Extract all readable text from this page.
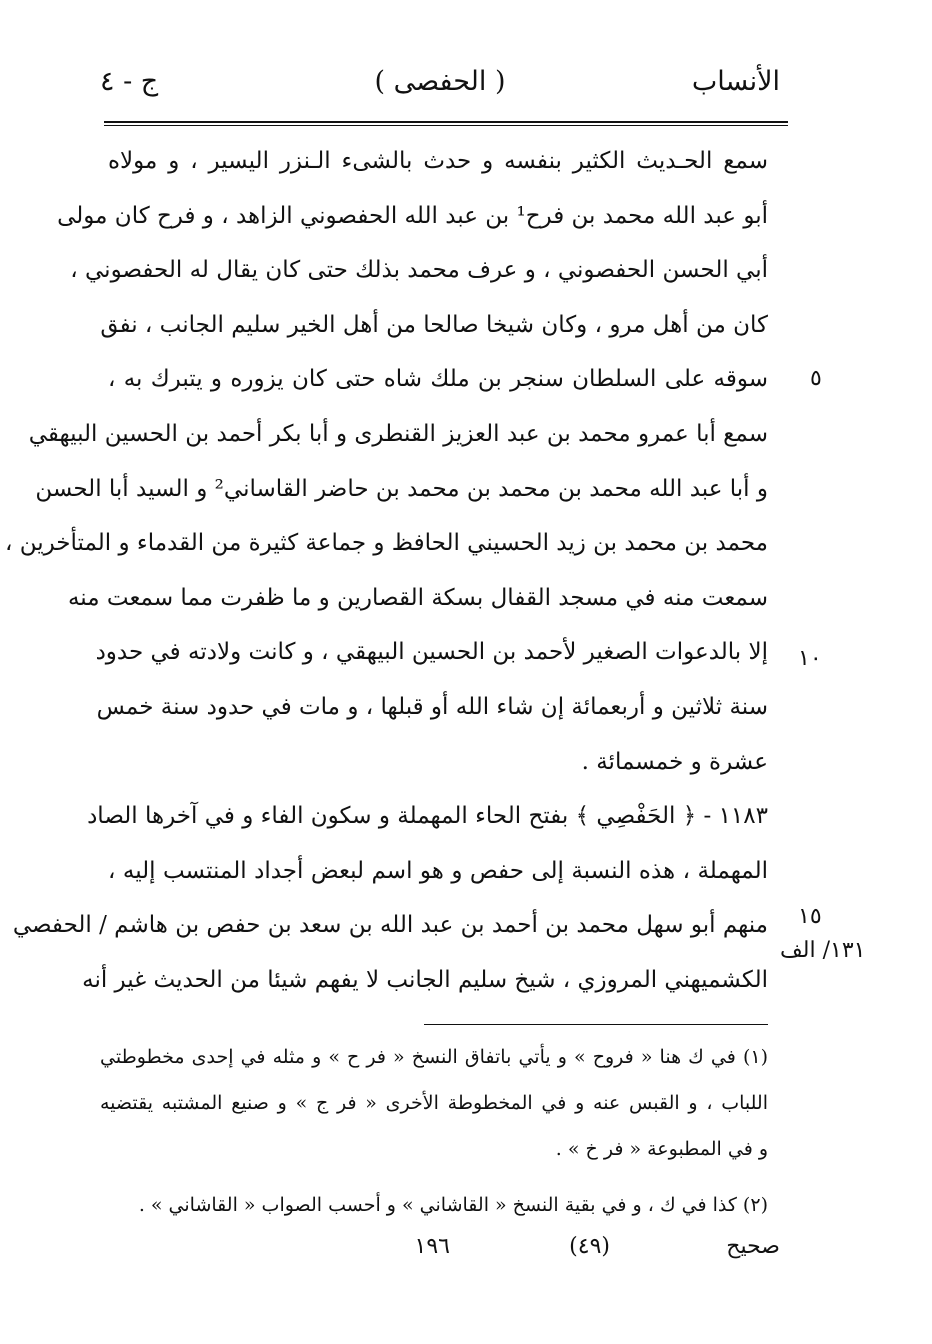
الأنساب
( الحفصى )
ج - ٤
سمع الحـديث الكثير بنفسه و حدث بالشىء الـنزر اليسير ، و مولاه
أبو عبد الله محمد بن فرح¹ بن عبد الله الحفصوني الزاهد ، و فرح كان مولى
أبي الحسن الحفصوني ، و عرف محمد بذلك حتى كان يقال له الحفصوني ،
كان من أهل مرو ، وكان شيخا صالحا من أهل الخير سليم الجانب ، نفق
سوقه على السلطان سنجر بن ملك شاه حتى كان يزوره و يتبرك به ،
سمع أبا عمرو محمد بن عبد العزيز القنطرى و أبا بكر أحمد بن الحسين البيهقي
و أبا عبد الله محمد بن محمد بن محمد بن حاضر القاساني² و السيد أبا الحسن
محمد بن محمد بن زيد الحسيني الحافظ و جماعة كثيرة من القدماء و المتأخرين ،
سمعت منه في مسجد القفال بسكة القصارين و ما ظفرت مما سمعت منه
إلا بالدعوات الصغير لأحمد بن الحسين البيهقي ، و كانت ولادته في حدود
سنة ثلاثين و أربعمائة إن شاء الله أو قبلها ، و مات في حدود سنة خمس
عشرة و خمسمائة .
١١٨٣ - ﴿ الحَفْصِي ﴾ بفتح الحاء المهملة و سكون الفاء و في آخرها الصاد
المهملة ، هذه النسبة إلى حفص و هو اسم لبعض أجداد المنتسب إليه ،
منهم أبو سهل محمد بن أحمد بن عبد الله بن سعد بن حفص بن هاشم / الحفصي
الكشميهني المروزي ، شيخ سليم الجانب لا يفهم شيئا من الحديث غير أنه
٥
١٠
١٥
١٣١/ الف
(١) في ك هنا « فروح » و يأتي باتفاق النسخ « فر ح » و مثله في إحدى مخطوطتي
اللباب ، و القبس عنه و في المخطوطة الأخرى « فر ج » و صنيع المشتبه يقتضيه
و في المطبوعة « فر خ » .
(٢) كذا في ك ، و في بقية النسخ « القاشاني » و أحسب الصواب « القاشاني » .
صحيح
(٤٩)
١٩٦
